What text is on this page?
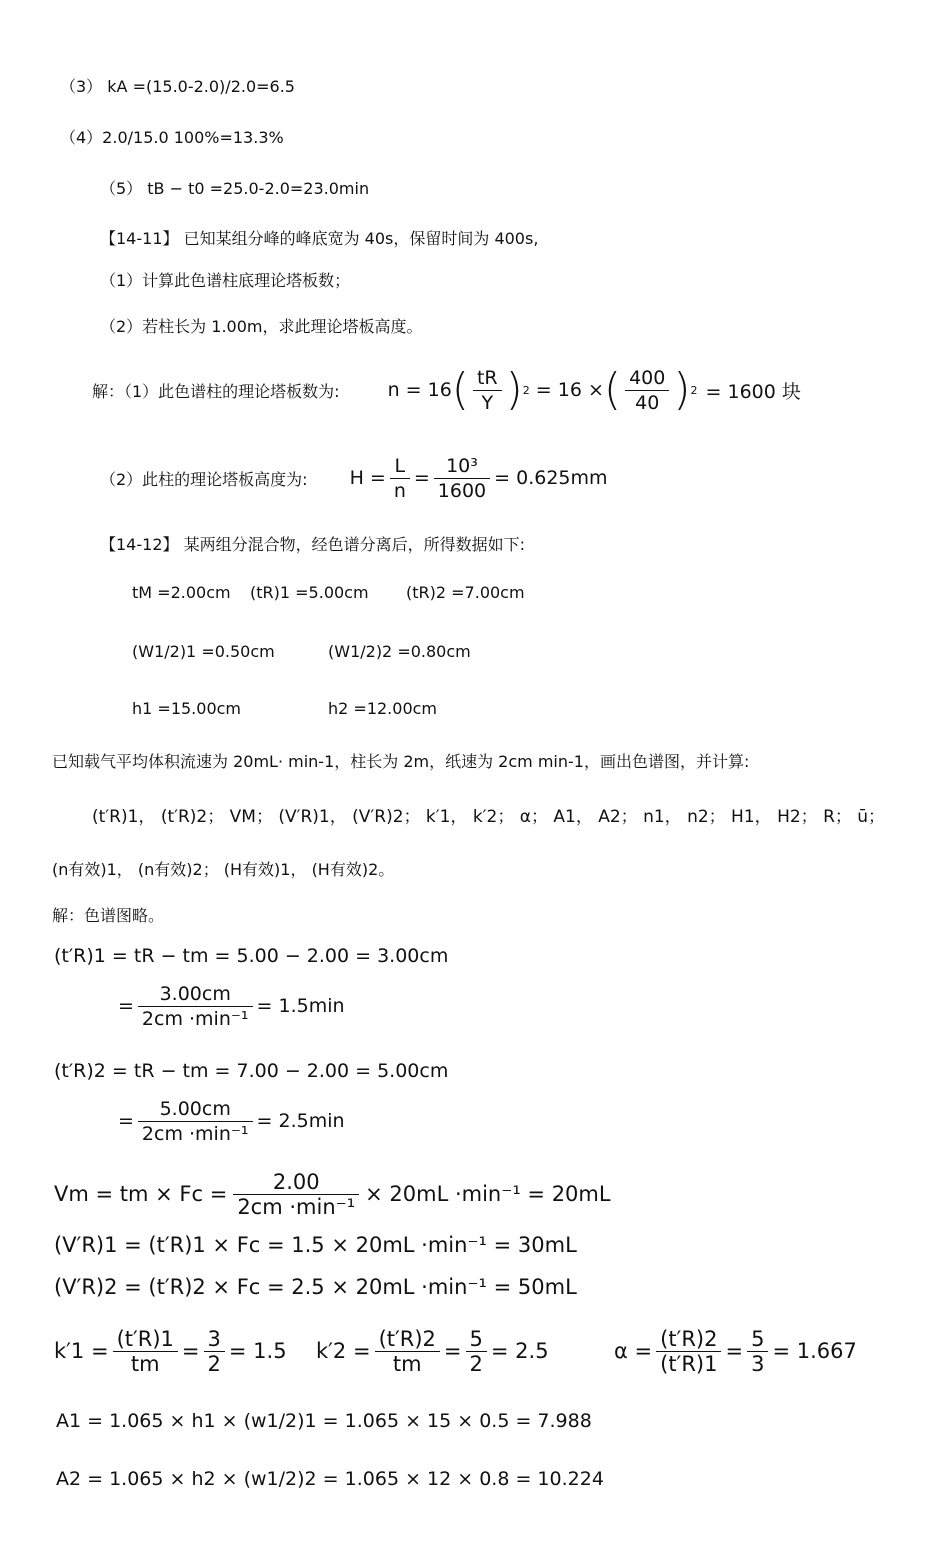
（3） kA =(15.0-2.0)/2.0=6.5
（4）2.0/15.0 100%=13.3%
（5） tB − t0 =25.0-2.0=23.0min
【14-11】 已知某组分峰的峰底宽为 40s，保留时间为 400s,
（1）计算此色谱柱底理论塔板数；
（2）若柱长为 1.00m，求此理论塔板高度。
解：（1）此色谱柱的理论塔板数为:	n = 16 ( $\frac{tR}{Y}$ ) 2 = 16 × ( $\frac{400}{40}$ ) 2 = 1600 块
（2）此柱的理论塔板高度为: $H = \frac{L}{n} = \frac{\text{10³}}{1600} = 0.625mm$
【14-12】 某两组分混合物，经色谱分离后，所得数据如下:
tM =2.00cm (tR)1 =5.00cm (tR)2 =7.00cm
(W1/2)1 =0.50cm	(W1/2)2 =0.80cm
h1 =15.00cm	h2 =12.00cm
已知载气平均体积流速为 20mL· min-1，柱长为 2m，纸速为 2cm min-1，画出色谱图，并计算:
(t′R)1， (t′R)2； VM； (V′R)1， (V′R)2； k′1， k′2； α； A1， A2； n1， n2； H1， H2； R； ū；
(n有效)1， (n有效)2； (H有效)1， (H有效)2。
解：色谱图略。
(t′R)1 = tR − tm = 5.00 − 2.00 = 3.00cm
= $\frac{3.00cm}{\text{2cm ·min⁻¹}} = 1.5\min$
(t′R)2 = tR − tm = 7.00 − 2.00 = 5.00cm
= $\frac{5.00cm}{\text{2cm ·min⁻¹}} = 2.5\min$
Vm = tm × $Fc = \frac{2.00}{\text{2cm ·min⁻¹}} \times 20mL \cdot\min^{-1} = 20mL$
(V′R)1 = (t′R)1 × Fc = 1.5 × 20mL ·min⁻¹ = 30mL
(V′R)2 = (t′R)2 × Fc = 2.5 × 20mL ·min⁻¹ = 50mL
$k'1 = \frac{(t'R)1}{tm} = \frac{3}{2} = 1.5$ $k'2 = \frac{(t'R)2}{tm} = \frac{5}{2} = 2.5$	$\alpha = \frac{(t'R)2}{(t'R)1} = \frac{5}{3} = 1.667$
A1 = 1.065 × h1 × (w1/2)1 = 1.065 × 15 × 0.5 = 7.988
A2 = 1.065 × h2 × (w1/2)2 = 1.065 × 12 × 0.8 = 10.224
